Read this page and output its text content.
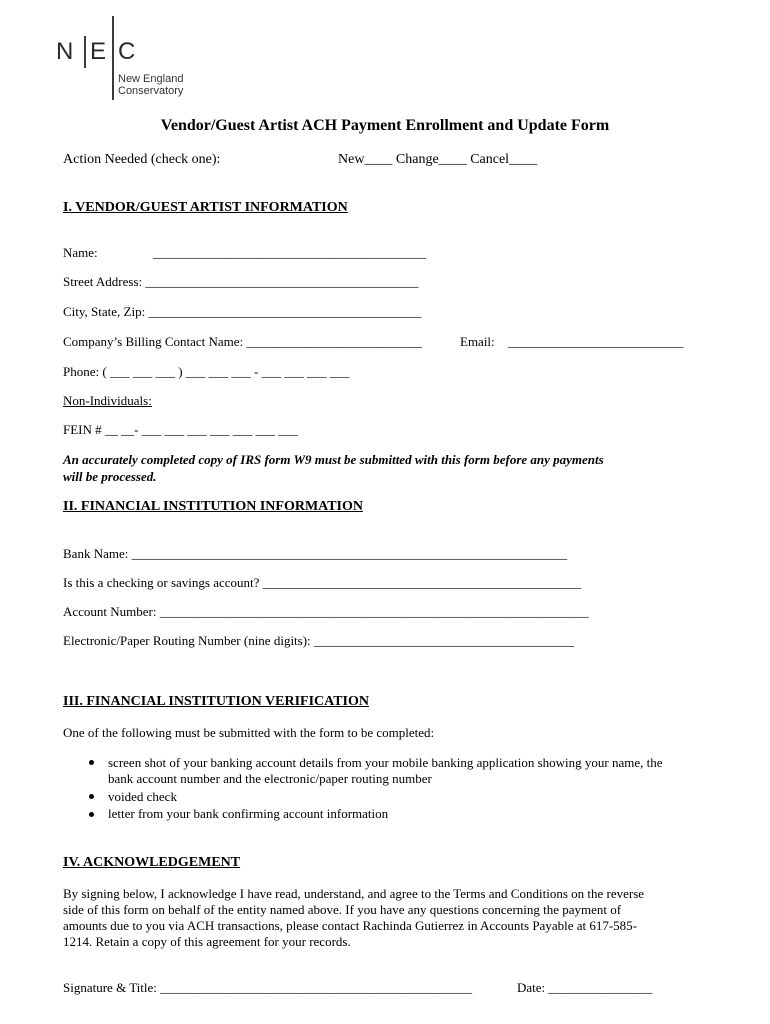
N E C
New England
Conservatory
Vendor/Guest Artist ACH Payment Enrollment and Update Form
Action Needed (check one):	New____ Change____ Cancel____
I. VENDOR/GUEST ARTIST INFORMATION
Name:	__________________________________________
Street Address: __________________________________________
City, State, Zip: __________________________________________
Company’s Billing Contact Name: ___________________________	Email: ___________________________
Phone: ( ___ ___ ___ ) ___ ___ ___ - ___ ___ ___ ___
Non-Individuals:
FEIN # __ __- ___ ___ ___ ___ ___ ___ ___
An accurately completed copy of IRS form W9 must be submitted with this form before any payments
will be processed.
II. FINANCIAL INSTITUTION INFORMATION
Bank Name: ___________________________________________________________________
Is this a checking or savings account? _________________________________________________
Account Number: __________________________________________________________________
Electronic/Paper Routing Number (nine digits): ________________________________________
III. FINANCIAL INSTITUTION VERIFICATION
One of the following must be submitted with the form to be completed:
screen shot of your banking account details from your mobile banking application showing your name, the
bank account number and the electronic/paper routing number
voided check
letter from your bank confirming account information
IV. ACKNOWLEDGEMENT
By signing below, I acknowledge I have read, understand, and agree to the Terms and Conditions on the reverse
side of this form on behalf of the entity named above. If you have any questions concerning the payment of
amounts due to you via ACH transactions, please contact Rachinda Gutierrez in Accounts Payable at 617-585-
1214. Retain a copy of this agreement for your records.
Signature & Title: ________________________________________________	Date: ________________
